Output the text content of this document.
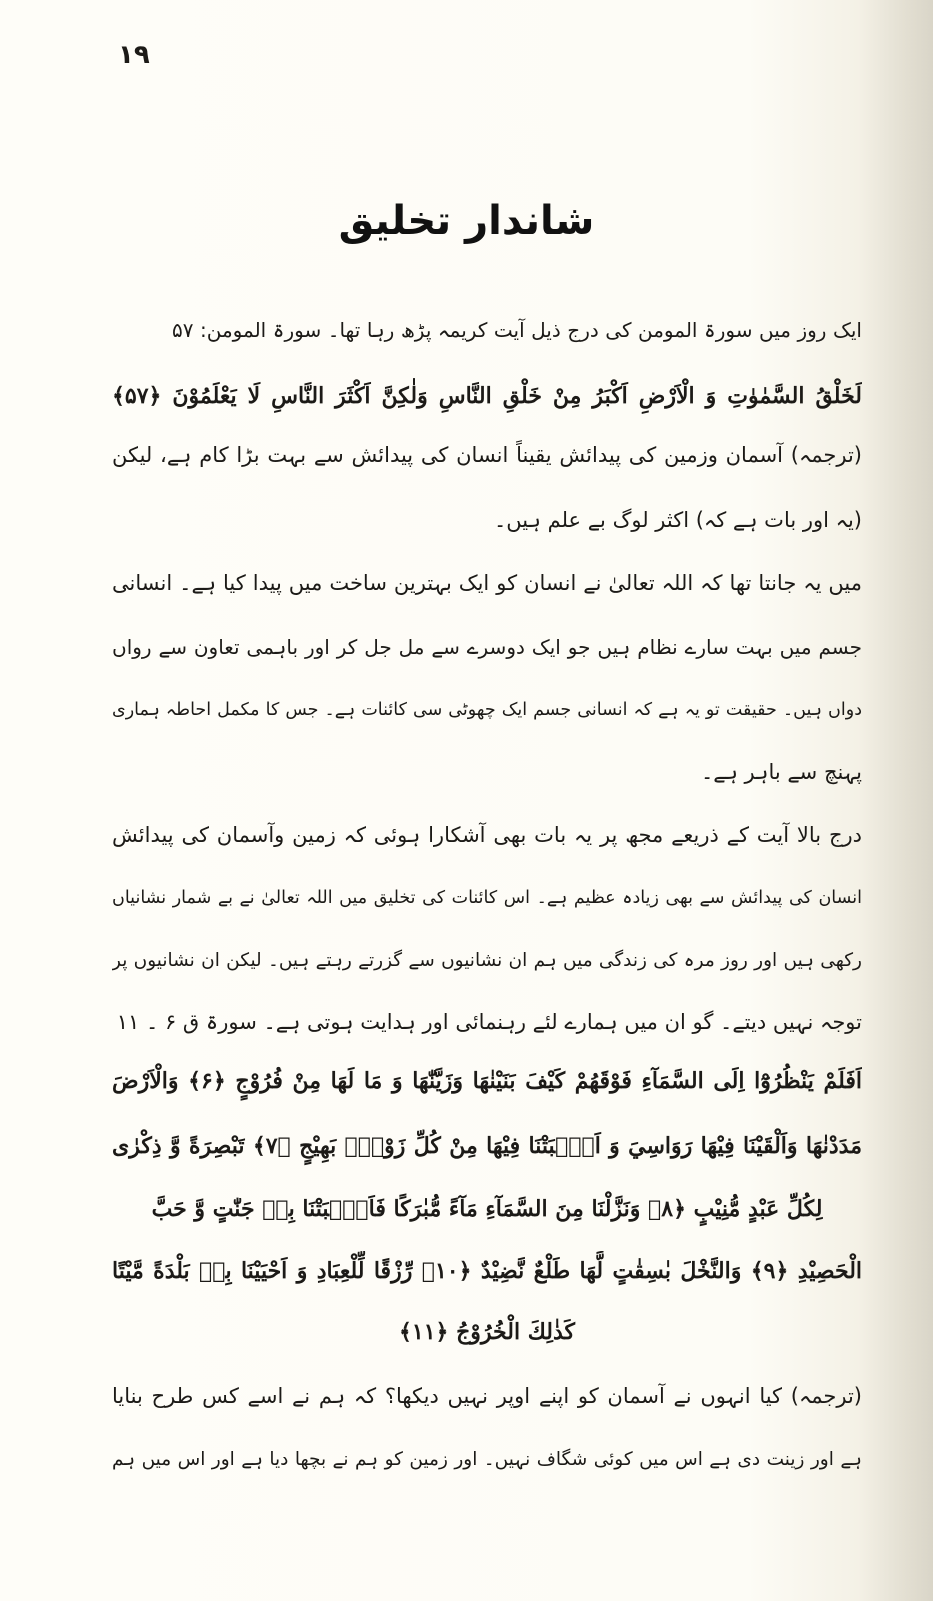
١٩
شاندار تخلیق
ایک روز میں سورۃ المومن کی درج ذیل آیت کریمہ پڑھ رہا تھا۔ سورۃ المومن: ۵۷
لَخَلْقُ السَّمٰوٰتِ وَ الْاَرْضِ اَكْبَرُ مِنْ خَلْقِ النَّاسِ وَلٰكِنَّ اَكْثَرَ النَّاسِ لَا يَعْلَمُوْنَ ﴿۵۷﴾
(ترجمہ) آسمان وزمین کی پیدائش یقیناً انسان کی پیدائش سے بہت بڑا کام ہے، لیکن
(یہ اور بات ہے کہ) اکثر لوگ بے علم ہیں۔
میں یہ جانتا تھا کہ اللہ تعالیٰ نے انسان کو ایک بہترین ساخت میں پیدا کیا ہے۔ انسانی
جسم میں بہت سارے نظام ہیں جو ایک دوسرے سے مل جل کر اور باہمی تعاون سے رواں
دواں ہیں۔ حقیقت تو یہ ہے کہ انسانی جسم ایک چھوٹی سی کائنات ہے۔ جس کا مکمل احاطہ ہماری
پہنچ سے باہر ہے۔
درج بالا آیت کے ذریعے مجھ پر یہ بات بھی آشکارا ہوئی کہ زمین وآسمان کی پیدائش
انسان کی پیدائش سے بھی زیادہ عظیم ہے۔ اس کائنات کی تخلیق میں اللہ تعالیٰ نے بے شمار نشانیاں
رکھی ہیں اور روز مرہ کی زندگی میں ہم ان نشانیوں سے گزرتے رہتے ہیں۔ لیکن ان نشانیوں پر
توجہ نہیں دیتے۔ گو ان میں ہمارے لئے رہنمائی اور ہدایت ہوتی ہے۔ سورۃ ق ۶ ۔ ۱۱
اَفَلَمْ يَنْظُرُوْٓا اِلَى السَّمَآءِ فَوْقَهُمْ كَيْفَ بَنَيْنٰهَا وَزَيَّنّٰهَا وَ مَا لَهَا مِنْ فُرُوْجٍ ﴿۶﴾ وَالْاَرْضَ
مَدَدْنٰهَا وَاَلْقَيْنَا فِيْهَا رَوَاسِيَ وَ اَنْۢبَتْنَا فِيْهَا مِنْ كُلِّ زَوْجٍۢ بَهِيْجٍ ﴿۷﴾ تَبْصِرَةً وَّ ذِكْرٰى
لِكُلِّ عَبْدٍ مُّنِيْبٍ ﴿۸﴾ وَنَزَّلْنَا مِنَ السَّمَآءِ مَآءً مُّبٰرَكًا فَاَنْۢبَتْنَا بِهٖ جَنّٰتٍ وَّ حَبَّ
الْحَصِيْدِ ﴿۹﴾ وَالنَّخْلَ بٰسِقٰتٍ لَّهَا طَلْعٌ نَّضِيْدٌ ﴿۱۰﴾ رِّزْقًا لِّلْعِبَادِ وَ اَحْيَيْنَا بِهٖ بَلْدَةً مَّيْتًا
كَذٰلِكَ الْخُرُوْجُ ﴿۱۱﴾
(ترجمہ) کیا انہوں نے آسمان کو اپنے اوپر نہیں دیکھا؟ کہ ہم نے اسے کس طرح بنایا
ہے اور زینت دی ہے اس میں کوئی شگاف نہیں۔ اور زمین کو ہم نے بچھا دیا ہے اور اس میں ہم
